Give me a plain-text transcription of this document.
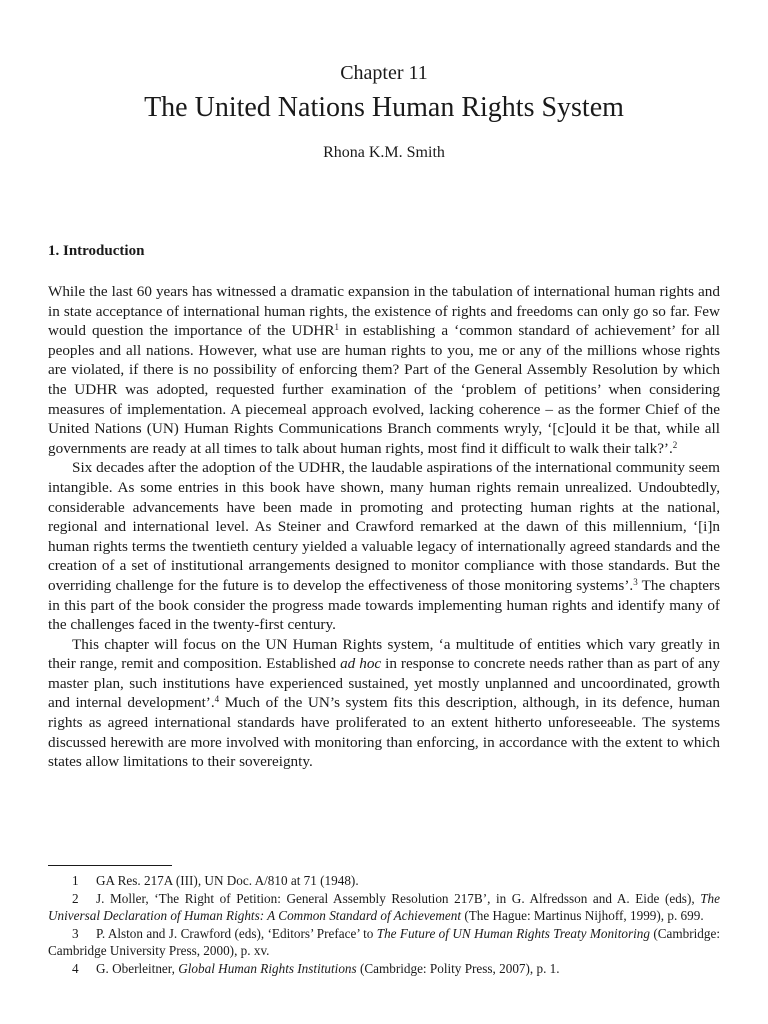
Chapter 11
The United Nations Human Rights System
Rhona K.M. Smith
1. Introduction

While the last 60 years has witnessed a dramatic expansion in the tabulation of international human rights and in state acceptance of international human rights, the existence of rights and freedoms can only go so far. Few would question the importance of the UDHR$^1$ in establishing a ‘common standard of achievement’ for all peoples and all nations. However, what use are human rights to you, me or any of the millions whose rights are violated, if there is no possibility of enforcing them? Part of the General Assembly Resolution by which the UDHR was adopted, requested further examination of the ‘problem of petitions’ when considering measures of implementation. A piecemeal approach evolved, lacking coherence – as the former Chief of the United Nations (UN) Human Rights Communications Branch comments wryly, ‘[c]ould it be that, while all governments are ready at all times to talk about human rights, most find it difficult to walk their talk?’.$^2$

Six decades after the adoption of the UDHR, the laudable aspirations of the international community seem intangible. As some entries in this book have shown, many human rights remain unrealized. Undoubtedly, considerable advancements have been made in promoting and protecting human rights at the national, regional and international level. As Steiner and Crawford remarked at the dawn of this millennium, ‘[i]n human rights terms the twentieth century yielded a valuable legacy of internationally agreed standards and the creation of a set of institutional arrangements designed to monitor compliance with those standards. But the overriding challenge for the future is to develop the effectiveness of those monitoring systems’.$^3$ The chapters in this part of the book consider the progress made towards implementing human rights and identify many of the challenges faced in the twenty-first century.

This chapter will focus on the UN Human Rights system, ‘a multitude of entities which vary greatly in their range, remit and composition. Established ad hoc in response to concrete needs rather than as part of any master plan, such institutions have experienced sustained, yet mostly unplanned and uncoordinated, growth and internal development’.$^4$ Much of the UN’s system fits this description, although, in its defence, human rights as agreed international standards have proliferated to an extent hitherto unforeseeable. The systems discussed herewith are more involved with monitoring than enforcing, in accordance with the extent to which states allow limitations to their sovereignty.

1 GA Res. 217A (III), UN Doc. A/810 at 71 (1948).

2 J. Moller, ‘The Right of Petition: General Assembly Resolution 217B’, in G. Alfredsson and A. Eide (eds), The Universal Declaration of Human Rights: A Common Standard of Achievement (The Hague: Martinus Nijhoff, 1999), p. 699.

3 P. Alston and J. Crawford (eds), ‘Editors’ Preface’ to The Future of UN Human Rights Treaty Monitoring (Cambridge: Cambridge University Press, 2000), p. xv.

4 G. Oberleitner, Global Human Rights Institutions (Cambridge: Polity Press, 2007), p. 1.
